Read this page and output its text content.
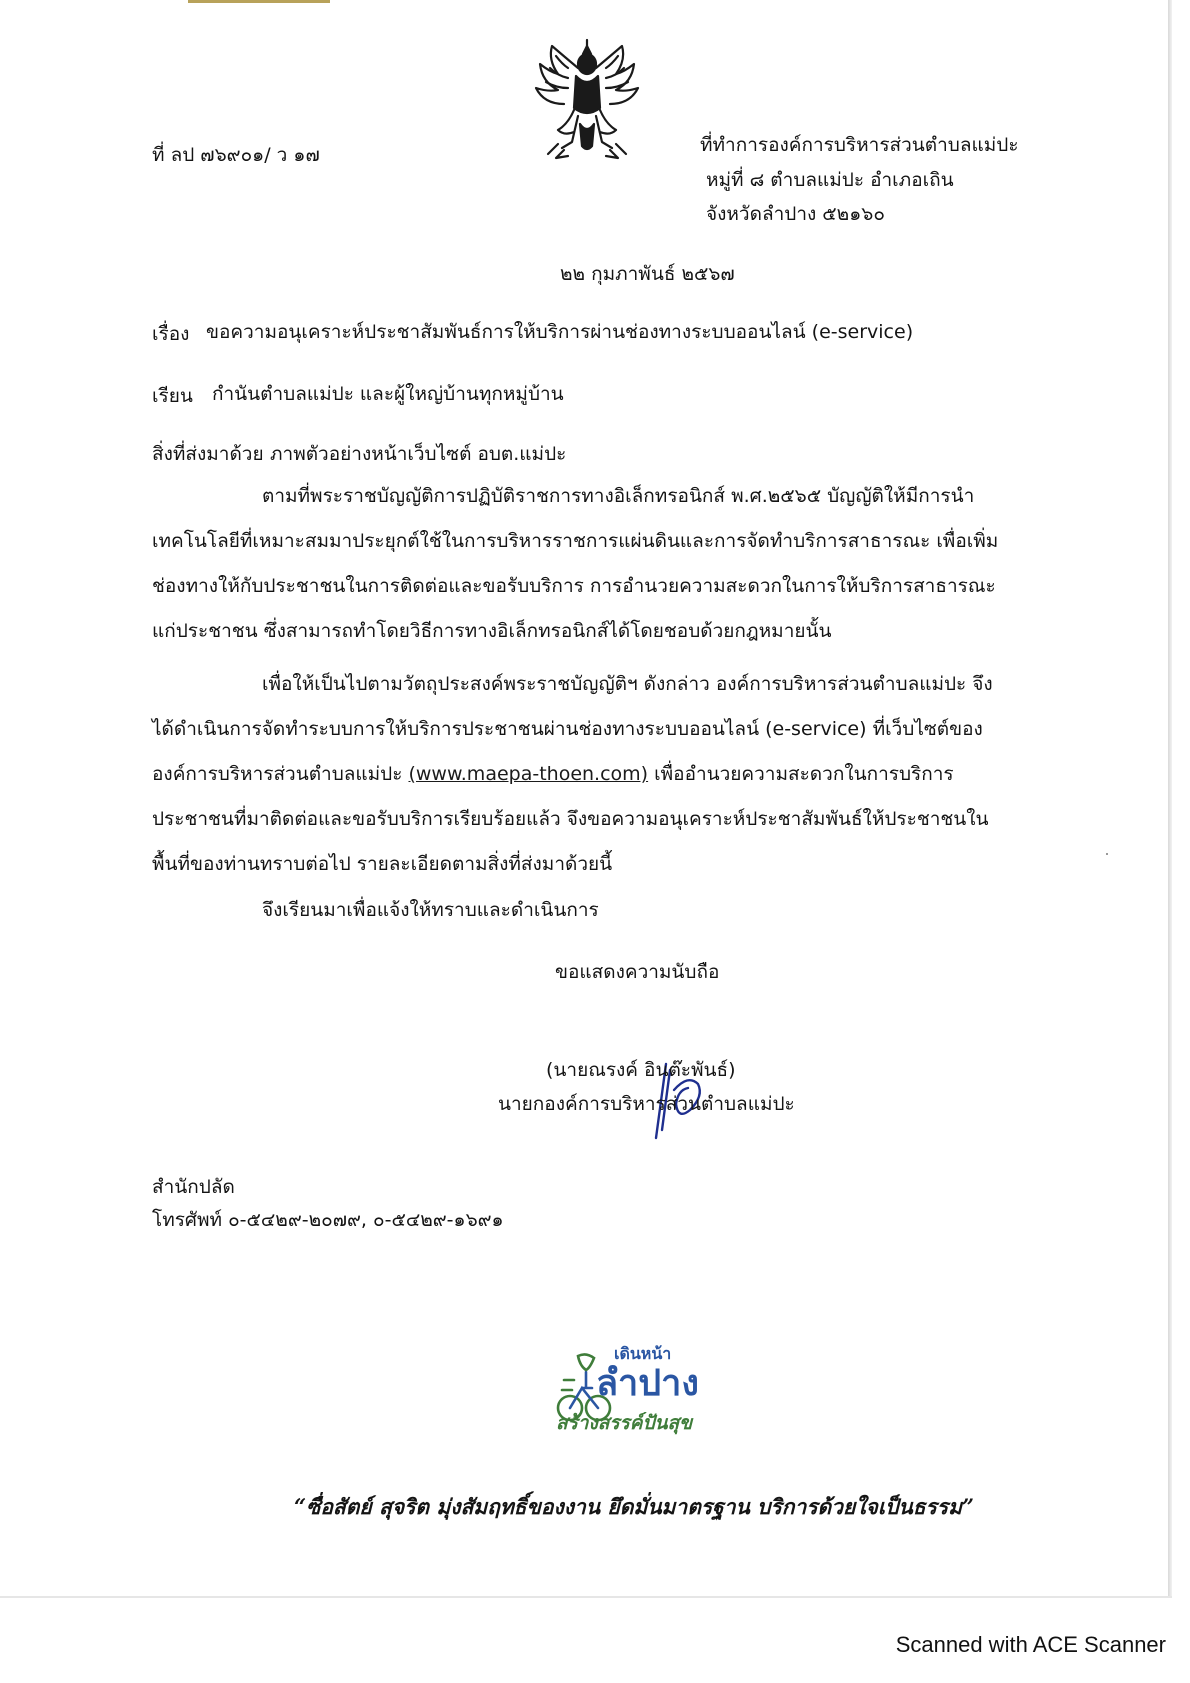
ที่ ลป ๗๖๙๐๑/ ว ๑๗	ที่ทำการองค์การบริหารส่วนตำบลแม่ปะ
หมู่ที่ ๘ ตำบลแม่ปะ อำเภอเถิน
จังหวัดลำปาง ๕๒๑๖๐
๒๒ กุมภาพันธ์ ๒๕๖๗
เรื่อง ขอความอนุเคราะห์ประชาสัมพันธ์การให้บริการผ่านช่องทางระบบออนไลน์ (e-service)
เรียน กำนันตำบลแม่ปะ และผู้ใหญ่บ้านทุกหมู่บ้าน
สิ่งที่ส่งมาด้วย ภาพตัวอย่างหน้าเว็บไซต์ อบต.แม่ปะ
ตามที่พระราชบัญญัติการปฏิบัติราชการทางอิเล็กทรอนิกส์ พ.ศ.๒๕๖๕ บัญญัติให้มีการนำเทคโนโลยีที่เหมาะสมมาประยุกต์ใช้ในการบริหารราชการแผ่นดินและการจัดทำบริการสาธารณะ เพื่อเพิ่มช่องทางให้กับประชาชนในการติดต่อและขอรับบริการ การอำนวยความสะดวกในการให้บริการสาธารณะแก่ประชาชน ซึ่งสามารถทำโดยวิธีการทางอิเล็กทรอนิกส์ได้โดยชอบด้วยกฎหมายนั้น
เพื่อให้เป็นไปตามวัตถุประสงค์พระราชบัญญัติฯ ดังกล่าว องค์การบริหารส่วนตำบลแม่ปะ จึงได้ดำเนินการจัดทำระบบการให้บริการประชาชนผ่านช่องทางระบบออนไลน์ (e-service) ที่เว็บไซต์ขององค์การบริหารส่วนตำบลแม่ปะ (www.maepa-thoen.com) เพื่ออำนวยความสะดวกในการบริการประชาชนที่มาติดต่อและขอรับบริการเรียบร้อยแล้ว จึงขอความอนุเคราะห์ประชาสัมพันธ์ให้ประชาชนในพื้นที่ของท่านทราบต่อไป รายละเอียดตามสิ่งที่ส่งมาด้วยนี้
จึงเรียนมาเพื่อแจ้งให้ทราบและดำเนินการ
ขอแสดงความนับถือ
(นายณรงค์ อินต๊ะพันธ์)
นายกองค์การบริหารส่วนตำบลแม่ปะ
สำนักปลัด
โทรศัพท์ ๐-๕๔๒๙-๒๐๗๙, ๐-๕๔๒๙-๑๖๙๑
เดินหน้า
ลำปาง
สร้างสรรค์ปันสุข
“ซื่อสัตย์ สุจริต มุ่งสัมฤทธิ์ของงาน ยึดมั่นมาตรฐาน บริการด้วยใจเป็นธรรม”
Scanned with ACE Scanner
